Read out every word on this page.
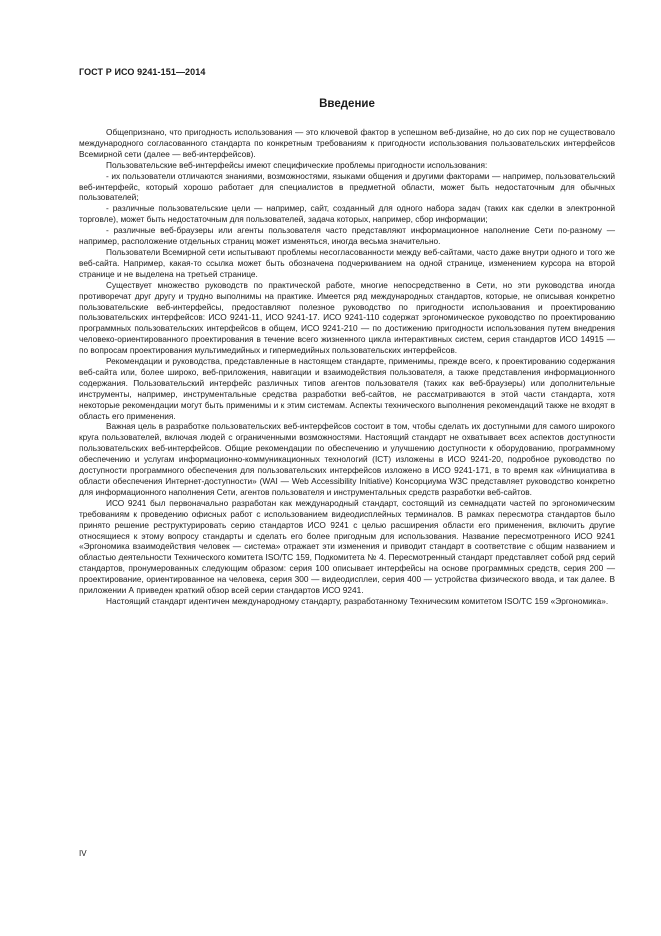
ГОСТ Р ИСО 9241-151—2014
Введение

Общепризнано, что пригодность использования — это ключевой фактор в успешном веб-дизайне, но до сих пор не существовало международного согласованного стандарта по конкретным требованиям к пригодности использования пользовательских интерфейсов Всемирной сети (далее — веб-интерфейсов).

Пользовательские веб-интерфейсы имеют специфические проблемы пригодности использования:

- их пользователи отличаются знаниями, возможностями, языками общения и другими факторами — например, пользовательский веб-интерфейс, который хорошо работает для специалистов в предметной области, может быть недостаточным для обычных пользователей;

- различные пользовательские цели — например, сайт, созданный для одного набора задач (таких как сделки в электронной торговле), может быть недостаточным для пользователей, задача которых, например, сбор информации;

- различные веб-браузеры или агенты пользователя часто представляют информационное наполнение Сети по-разному — например, расположение отдельных страниц может изменяться, иногда весьма значительно.

Пользователи Всемирной сети испытывают проблемы несогласованности между веб-сайтами, часто даже внутри одного и того же веб-сайта. Например, какая-то ссылка может быть обозначена подчеркиванием на одной странице, изменением курсора на второй странице и не выделена на третьей странице.

Существует множество руководств по практической работе, многие непосредственно в Сети, но эти руководства иногда противоречат друг другу и трудно выполнимы на практике. Имеется ряд международных стандартов, которые, не описывая конкретно пользовательские веб-интерфейсы, предоставляют полезное руководство по пригодности использования и проектированию пользовательских интерфейсов: ИСО 9241-11, ИСО 9241-17. ИСО 9241-110 содержат эргономическое руководство по проектированию программных пользовательских интерфейсов в общем, ИСО 9241-210 — по достижению пригодности использования путем внедрения человеко-ориентированного проектирования в течение всего жизненного цикла интерактивных систем, серия стандартов ИСО 14915 — по вопросам проектирования мультимедийных и гипермедийных пользовательских интерфейсов.

Рекомендации и руководства, представленные в настоящем стандарте, применимы, прежде всего, к проектированию содержания веб-сайта или, более широко, веб-приложения, навигации и взаимодействия пользователя, а также представления информационного содержания. Пользовательский интерфейс различных типов агентов пользователя (таких как веб-браузеры) или дополнительные инструменты, например, инструментальные средства разработки веб-сайтов, не рассматриваются в этой части стандарта, хотя некоторые рекомендации могут быть применимы и к этим системам. Аспекты технического выполнения рекомендаций также не входят в область его применения.

Важная цель в разработке пользовательских веб-интерфейсов состоит в том, чтобы сделать их доступными для самого широкого круга пользователей, включая людей с ограниченными возможностями. Настоящий стандарт не охватывает всех аспектов доступности пользовательских веб-интерфейсов. Общие рекомендации по обеспечению и улучшению доступности к оборудованию, программному обеспечению и услугам информационно-коммуникационных технологий (ICT) изложены в ИСО 9241-20, подробное руководство по доступности программного обеспечения для пользовательских интерфейсов изложено в ИСО 9241-171, в то время как «Инициатива в области обеспечения Интернет-доступности» (WAI — Web Accessibility Initiative) Консорциума W3C представляет руководство конкретно для информационного наполнения Сети, агентов пользователя и инструментальных средств разработки веб-сайтов.

ИСО 9241 был первоначально разработан как международный стандарт, состоящий из семнадцати частей по эргономическим требованиям к проведению офисных работ с использованием видеодисплейных терминалов. В рамках пересмотра стандартов было принято решение реструктурировать серию стандартов ИСО 9241 с целью расширения области его применения, включить другие относящиеся к этому вопросу стандарты и сделать его более пригодным для использования. Название пересмотренного ИСО 9241 «Эргономика взаимодействия человек — система» отражает эти изменения и приводит стандарт в соответствие с общим названием и областью деятельности Технического комитета ISO/TC 159, Подкомитета № 4. Пересмотренный стандарт представляет собой ряд серий стандартов, пронумерованных следующим образом: серия 100 описывает интерфейсы на основе программных средств, серия 200 — проектирование, ориентированное на человека, серия 300 — видеодисплеи, серия 400 — устройства физического ввода, и так далее. В приложении А приведен краткий обзор всей серии стандартов ИСО 9241.

Настоящий стандарт идентичен международному стандарту, разработанному Техническим комитетом ISO/TC 159 «Эргономика».

IV
